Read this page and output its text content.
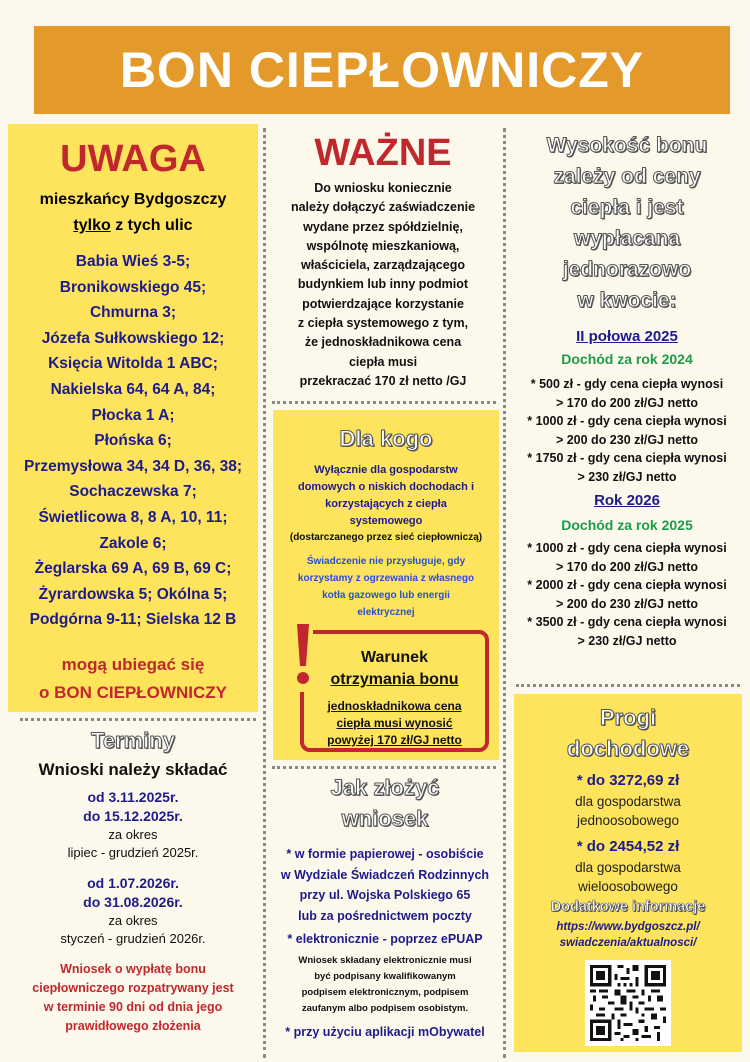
BON CIEPŁOWNICZY
UWAGA
mieszkańcy Bydgoszczy
tylko z tych ulic
Babia Wieś 3-5;
Bronikowskiego 45;
Chmurna 3;
Józefa Sułkowskiego 12;
Księcia Witolda 1 ABC;
Nakielska 64, 64 A, 84;
Płocka 1 A;
Płońska 6;
Przemysłowa 34, 34 D, 36, 38;
Sochaczewska 7;
Świetlicowa 8, 8 A, 10, 11;
Zakole 6;
Żeglarska 69 A, 69 B, 69 C;
Żyrardowska 5; Okólna 5;
Podgórna 9-11; Sielska 12 B
mogą ubiegać się
o BON CIEPŁOWNICZY
Terminy
Wnioski należy składać
od 3.11.2025r.
do 15.12.2025r.
za okres
lipiec - grudzień 2025r.
od 1.07.2026r.
do 31.08.2026r.
za okres
styczeń - grudzień 2026r.
Wniosek o wypłatę bonu
ciepłowniczego rozpatrywany jest
w terminie 90 dni od dnia jego
prawidłowego złożenia
WAŻNE
Do wniosku koniecznie
należy dołączyć zaświadczenie
wydane przez spółdzielnię,
wspólnotę mieszkaniową,
właściciela, zarządzającego
budynkiem lub inny podmiot
potwierdzające korzystanie
z ciepła systemowego z tym,
że jednoskładnikowa cena
ciepła musi
przekraczać 170 zł netto /GJ
Dla kogo
Wyłącznie dla gospodarstw
domowych o niskich dochodach i
korzystających z ciepła
systemowego
(dostarczanego przez sieć ciepłowniczą)
Świadczenie nie przysługuje, gdy
korzystamy z ogrzewania z własnego
kotła gazowego lub energii
elektrycznej
Warunek
otrzymania bonu
jednoskładnikowa cena
ciepła musi wynosić
powyżej 170 zł/GJ netto
Jak złożyć
wniosek
* w formie papierowej - osobiście
w Wydziale Świadczeń Rodzinnych
przy ul. Wojska Polskiego 65
lub za pośrednictwem poczty
* elektronicznie - poprzez ePUAP
Wniosek składany elektronicznie musi
być podpisany kwalifikowanym
podpisem elektronicznym, podpisem
zaufanym albo podpisem osobistym.
* przy użyciu aplikacji mObywatel
Wysokość bonu
zależy od ceny
ciepła i jest
wypłacana
jednorazowo
w kwocie:
II połowa 2025
Dochód za rok 2024
* 500 zł - gdy cena ciepła wynosi
> 170 do 200 zł/GJ netto
* 1000 zł - gdy cena ciepła wynosi
> 200 do 230 zł/GJ netto
* 1750 zł - gdy cena ciepła wynosi
> 230 zł/GJ netto
Rok 2026
Dochód za rok 2025
* 1000 zł - gdy cena ciepła wynosi
> 170 do 200 zł/GJ netto
* 2000 zł - gdy cena ciepła wynosi
> 200 do 230 zł/GJ netto
* 3500 zł - gdy cena ciepła wynosi
> 230 zł/GJ netto
Progi
dochodowe
* do 3272,69 zł
dla gospodarstwa
jednoosobowego
* do 2454,52 zł
dla gospodarstwa
wieloosobowego
Dodatkowe informacje
https://www.bydgoszcz.pl/
swiadczenia/aktualnosci/
